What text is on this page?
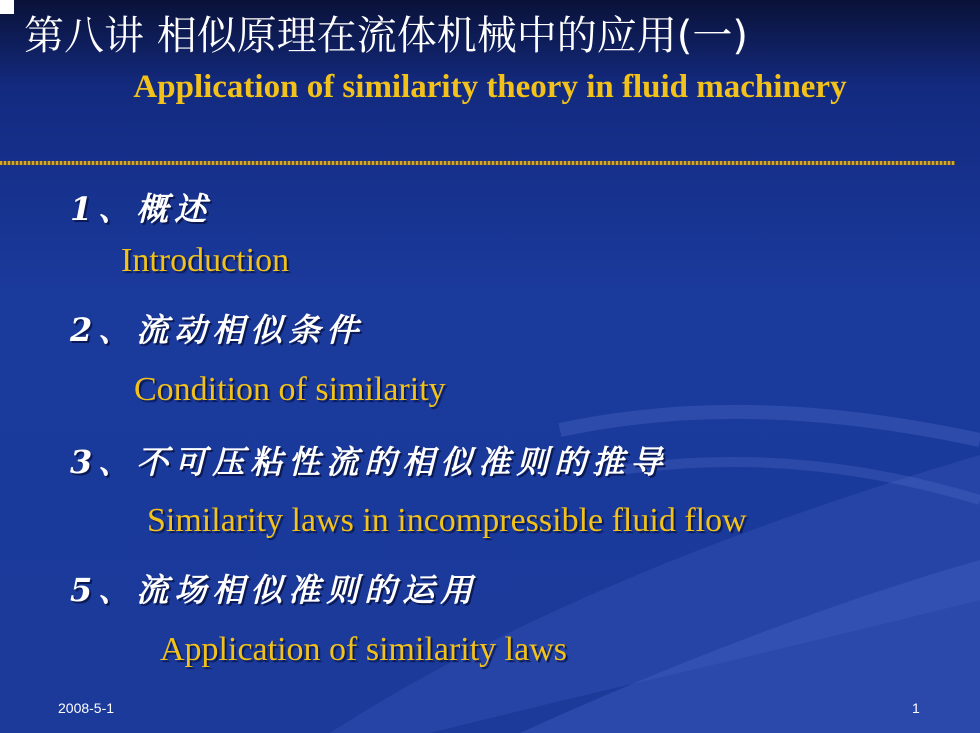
第八讲 相似原理在流体机械中的应用(一)
Application of similarity theory in fluid machinery

1、概述

Introduction

2、流动相似条件

Condition of similarity

3、不可压粘性流的相似准则的推导

Similarity laws in incompressible fluid flow

5、流场相似准则的运用

Application of similarity laws

2008-5-1	1
